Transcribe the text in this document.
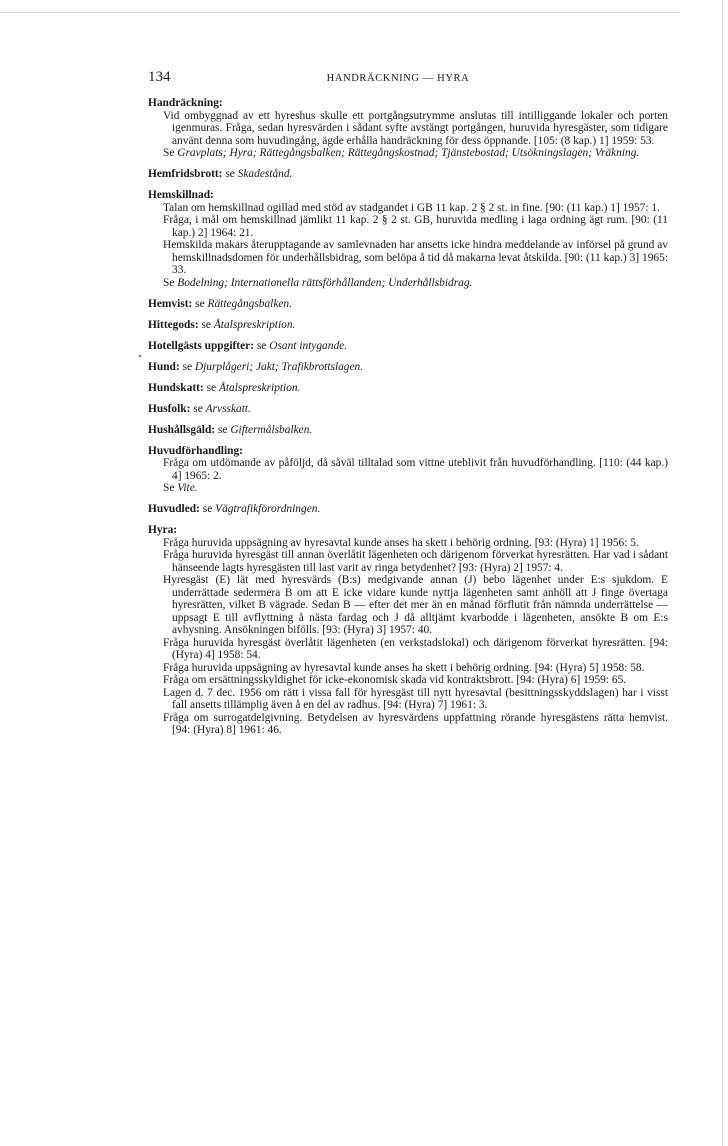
134	HANDRÄCKNING — HYRA
Handräckning:
Vid ombyggnad av ett hyreshus skulle ett portgångsutrymme anslutas till intilliggande lokaler och porten igenmuras. Fråga, sedan hyresvärden i sådant syfte avstängt portgången, huruvida hyresgäster, som tidigare använt denna som huvudingång, ägde erhålla handräckning för dess öppnande. [105: (8 kap.) 1] 1959: 53.
Se Gravplats; Hyra; Rättegångsbalken; Rättegångskostnad; Tjänstebostad; Utsökningslagen; Vräkning.
Hemfridsbrott: se Skadestånd.
Hemskillnad:
Talan om hemskillnad ogillad med stöd av stadgandet i GB 11 kap. 2 § 2 st. in fine. [90: (11 kap.) 1] 1957: 1.
Fråga, i mål om hemskillnad jämlikt 11 kap. 2 § 2 st. GB, huruvida medling i laga ordning ägt rum. [90: (11 kap.) 2] 1964: 21.
Hemskilda makars återupptagande av samlevnaden har ansetts icke hindra meddelande av införsel på grund av hemskillnadsdomen för underhållsbidrag, som belöpa å tid då makarna levat åtskilda. [90: (11 kap.) 3] 1965: 33.
Se Bodelning; Internationella rättsförhållanden; Underhållsbidrag.
Hemvist: se Rättegångsbalken.
Hittegods: se Åtalspreskription.
Hotellgästs uppgifter: se Osant intygande.
Hund: se Djurplågeri; Jakt; Trafikbrottslagen.
Hundskatt: se Åtalspreskription.
Husfolk: se Arvsskatt.
Hushållsgäld: se Giftermålsbalken.
Huvudförhandling:
Fråga om utdömande av påföljd, då såväl tilltalad som vittne uteblivit från huvudförhandling. [110: (44 kap.) 4] 1965: 2.
Se Vite.
Huvudled: se Vägtrafikförordningen.
Hyra:
Fråga huruvida uppsägning av hyresavtal kunde anses ha skett i behörig ordning. [93: (Hyra) 1] 1956: 5.
Fråga huruvida hyresgäst till annan överlåtit lägenheten och därigenom förverkat hyresrätten. Har vad i sådant hänseende lagts hyresgästen till last varit av ringa betydenhet? [93: (Hyra) 2] 1957: 4.
Hyresgäst (E) lät med hyresvärds (B:s) medgivande annan (J) bebo lägenhet under E:s sjukdom. E underrättade sedermera B om att E icke vidare kunde nyttja lägenheten samt anhöll att J finge övertaga hyresrätten, vilket B vägrade. Sedan B — efter det mer än en månad förflutit från nämnda underrättelse — uppsagt E till avflyttning å nästa fardag och J då alltjämt kvarbodde i lägenheten, ansökte B om E:s avhysning. Ansökningen bifölls. [93: (Hyra) 3] 1957: 40.
Fråga huruvida hyresgäst överlåtit lägenheten (en verkstadslokal) och därigenom förverkat hyresrätten. [94: (Hyra) 4] 1958: 54.
Fråga huruvida uppsägning av hyresavtal kunde anses ha skett i behörig ordning. [94: (Hyra) 5] 1958: 58.
Fråga om ersättningsskyldighet för icke-ekonomisk skada vid kontraktsbrott. [94: (Hyra) 6] 1959: 65.
Lagen d. 7 dec. 1956 om rätt i vissa fall för hyresgäst till nytt hyresavtal (besittningsskyddslagen) har i visst fall ansetts tillämplig även å en del av radhus. [94: (Hyra) 7] 1961: 3.
Fråga om surrogatdelgivning. Betydelsen av hyresvärdens uppfattning rörande hyresgästens rätta hemvist. [94: (Hyra) 8] 1961: 46.
